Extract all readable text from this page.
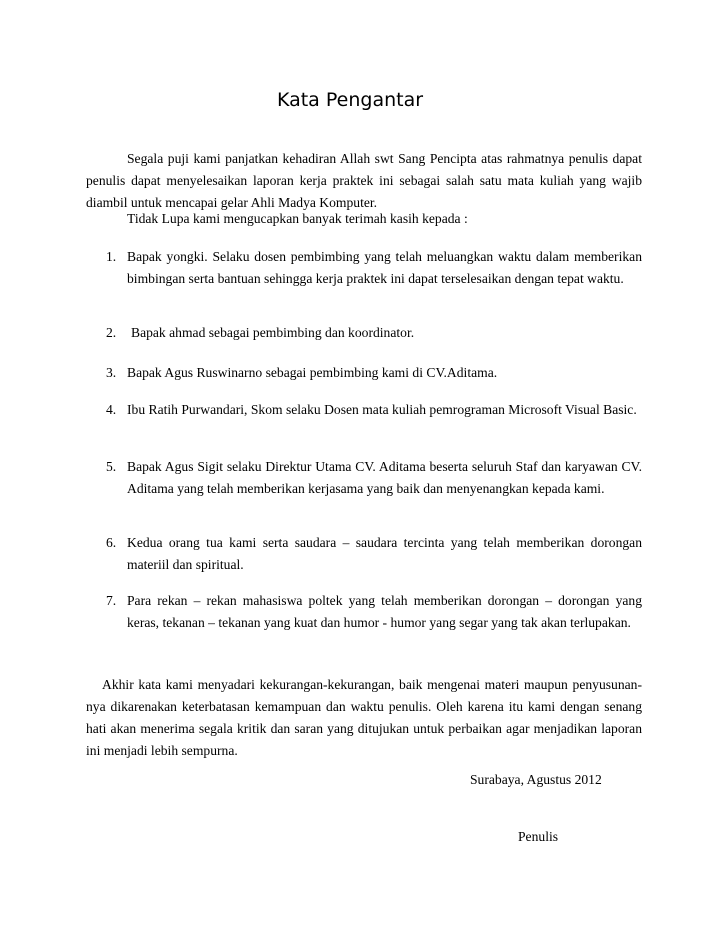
Kata Pengantar

Segala puji kami panjatkan kehadiran Allah swt Sang Pencipta atas rahmatnya penulis dapat penulis dapat menyelesaikan laporan kerja praktek ini sebagai salah satu mata kuliah yang wajib diambil untuk mencapai gelar Ahli Madya Komputer.

Tidak Lupa kami mengucapkan banyak terimah kasih kepada :

1. Bapak yongki. Selaku dosen pembimbing yang telah meluangkan waktu dalam memberikan bimbingan serta bantuan sehingga kerja praktek ini dapat terselesaikan dengan tepat waktu.
2.	Bapak ahmad sebagai pembimbing dan koordinator.
3. Bapak Agus Ruswinarno sebagai pembimbing kami di CV.Aditama.
4. Ibu Ratih Purwandari, Skom selaku Dosen mata kuliah pemrograman Microsoft Visual Basic.
5. Bapak Agus Sigit selaku Direktur Utama CV. Aditama beserta seluruh Staf dan karyawan CV. Aditama yang telah memberikan kerjasama yang baik dan menyenangkan kepada kami.
6. Kedua orang tua kami serta saudara – saudara tercinta yang telah memberikan dorongan materiil dan spiritual.
7. Para rekan – rekan mahasiswa poltek yang telah memberikan dorongan – dorongan yang keras, tekanan – tekanan yang kuat dan humor - humor yang segar yang tak akan terlupakan.

Akhir kata kami menyadari kekurangan-kekurangan, baik mengenai materi maupun penyusunan-nya dikarenakan keterbatasan kemampuan dan waktu penulis. Oleh karena itu kami dengan senang hati akan menerima segala kritik dan saran yang ditujukan untuk perbaikan agar menjadikan laporan ini menjadi lebih sempurna.

Surabaya, Agustus 2012

Penulis
